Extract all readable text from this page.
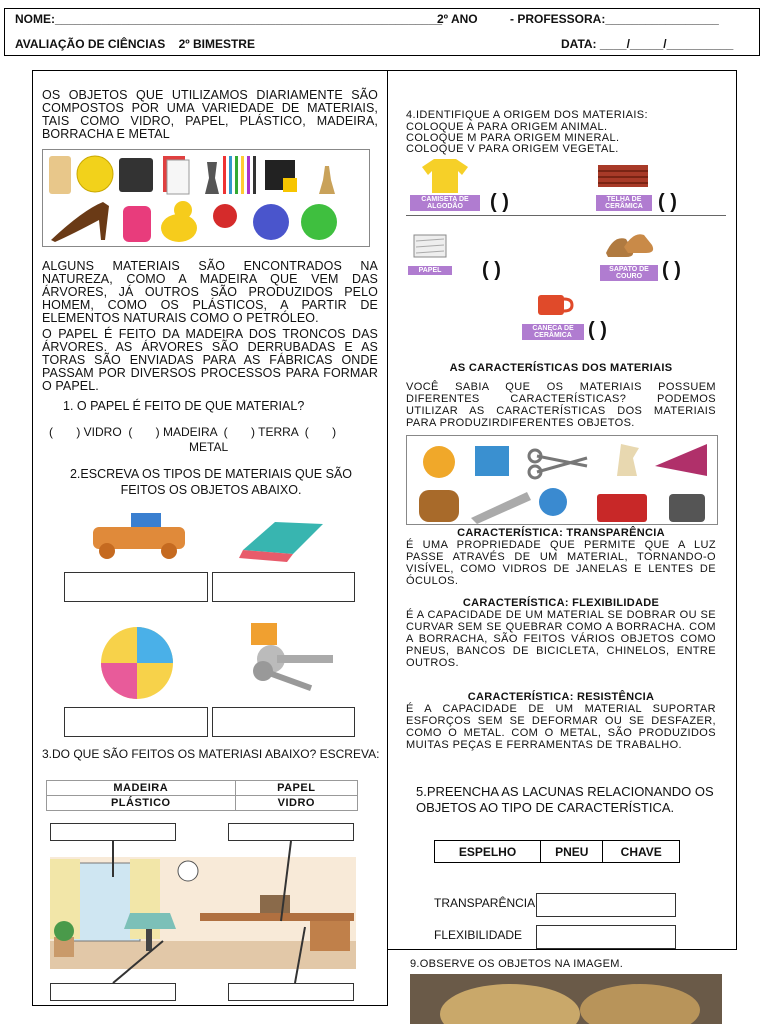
NOME:__________________________________________________________
2º ANO	- PROFESSORA:_________________
AVALIAÇÃO DE CIÊNCIAS    2º BIMESTRE	DATA: ____/_____/__________
OS OBJETOS QUE UTILIZAMOS DIARIAMENTE SÃO COMPOSTOS POR UMA VARIEDADE DE MATERIAIS, TAIS COMO VIDRO, PAPEL, PLÁSTICO, MADEIRA, BORRACHA E METAL
ALGUNS MATERIAIS SÃO ENCONTRADOS NA NATUREZA, COMO A MADEIRA QUE VEM DAS ÁRVORES, JÁ OUTROS SÃO PRODUZIDOS PELO HOMEM, COMO OS PLÁSTICOS, A PARTIR DE ELEMENTOS NATURAIS COMO O PETRÓLEO.
O PAPEL É FEITO DA MADEIRA DOS TRONCOS DAS ÁRVORES. AS ÁRVORES SÃO DERRUBADAS E AS TORAS SÃO ENVIADAS PARA AS FÁBRICAS ONDE PASSAM POR DIVERSOS PROCESSOS PARA FORMAR O PAPEL.
1. O PAPEL É FEITO DE QUE MATERIAL?
(       ) VIDRO  (       ) MADEIRA  (       ) TERRA  (       )
METAL
2.ESCREVA OS TIPOS DE MATERIAIS QUE SÃO FEITOS OS OBJETOS ABAIXO.
3.DO QUE SÃO FEITOS OS MATERIASI ABAIXO? ESCREVA:
MADEIRA	PAPEL
PLÁSTICO	VIDRO
4.IDENTIFIQUE A ORIGEM DOS MATERIAIS:
COLOQUE A PARA ORIGEM ANIMAL.
COLOQUE M PARA ORIGEM MINERAL.
COLOQUE V PARA ORIGEM VEGETAL.
CAMISETA DE ALGODÃO	( )	TELHA DE CERÂMICA ( )
PAPEL	( )	SAPATO DE COURO ( )
CANECA DE CERÂMICA ( )
AS CARACTERÍSTICAS DOS MATERIAIS
VOCÊ SABIA QUE OS MATERIAIS POSSUEM DIFERENTES CARACTERÍSTICAS? PODEMOS UTILIZAR AS CARACTERÍSTICAS DOS MATERIAIS PARA PRODUZIRDIFERENTES OBJETOS.
CARACTERÍSTICA: TRANSPARÊNCIA
É UMA PROPRIEDADE QUE PERMITE QUE A LUZ PASSE ATRAVÉS DE UM MATERIAL, TORNANDO-O VISÍVEL, COMO VIDROS DE JANELAS E LENTES DE ÓCULOS.
CARACTERÍSTICA: FLEXIBILIDADE
É A CAPACIDADE DE UM MATERIAL SE DOBRAR OU SE CURVAR SEM SE QUEBRAR COMO A BORRACHA. COM A BORRACHA, SÃO FEITOS VÁRIOS OBJETOS COMO PNEUS, BANCOS DE BICICLETA, CHINELOS, ENTRE OUTROS.
CARACTERÍSTICA: RESISTÊNCIA
É A CAPACIDADE DE UM MATERIAL SUPORTAR ESFORÇOS SEM SE DEFORMAR OU SE DESFAZER, COMO O METAL. COM O METAL, SÃO PRODUZIDOS MUITAS PEÇAS E FERRAMENTAS DE TRABALHO.
5.PREENCHA AS LACUNAS RELACIONANDO OS OBJETOS AO TIPO DE CARACTERÍSTICA.
ESPELHO	PNEU	CHAVE
TRANSPARÊNCIA
FLEXIBILIDADE
9.OBSERVE OS OBJETOS NA IMAGEM.
